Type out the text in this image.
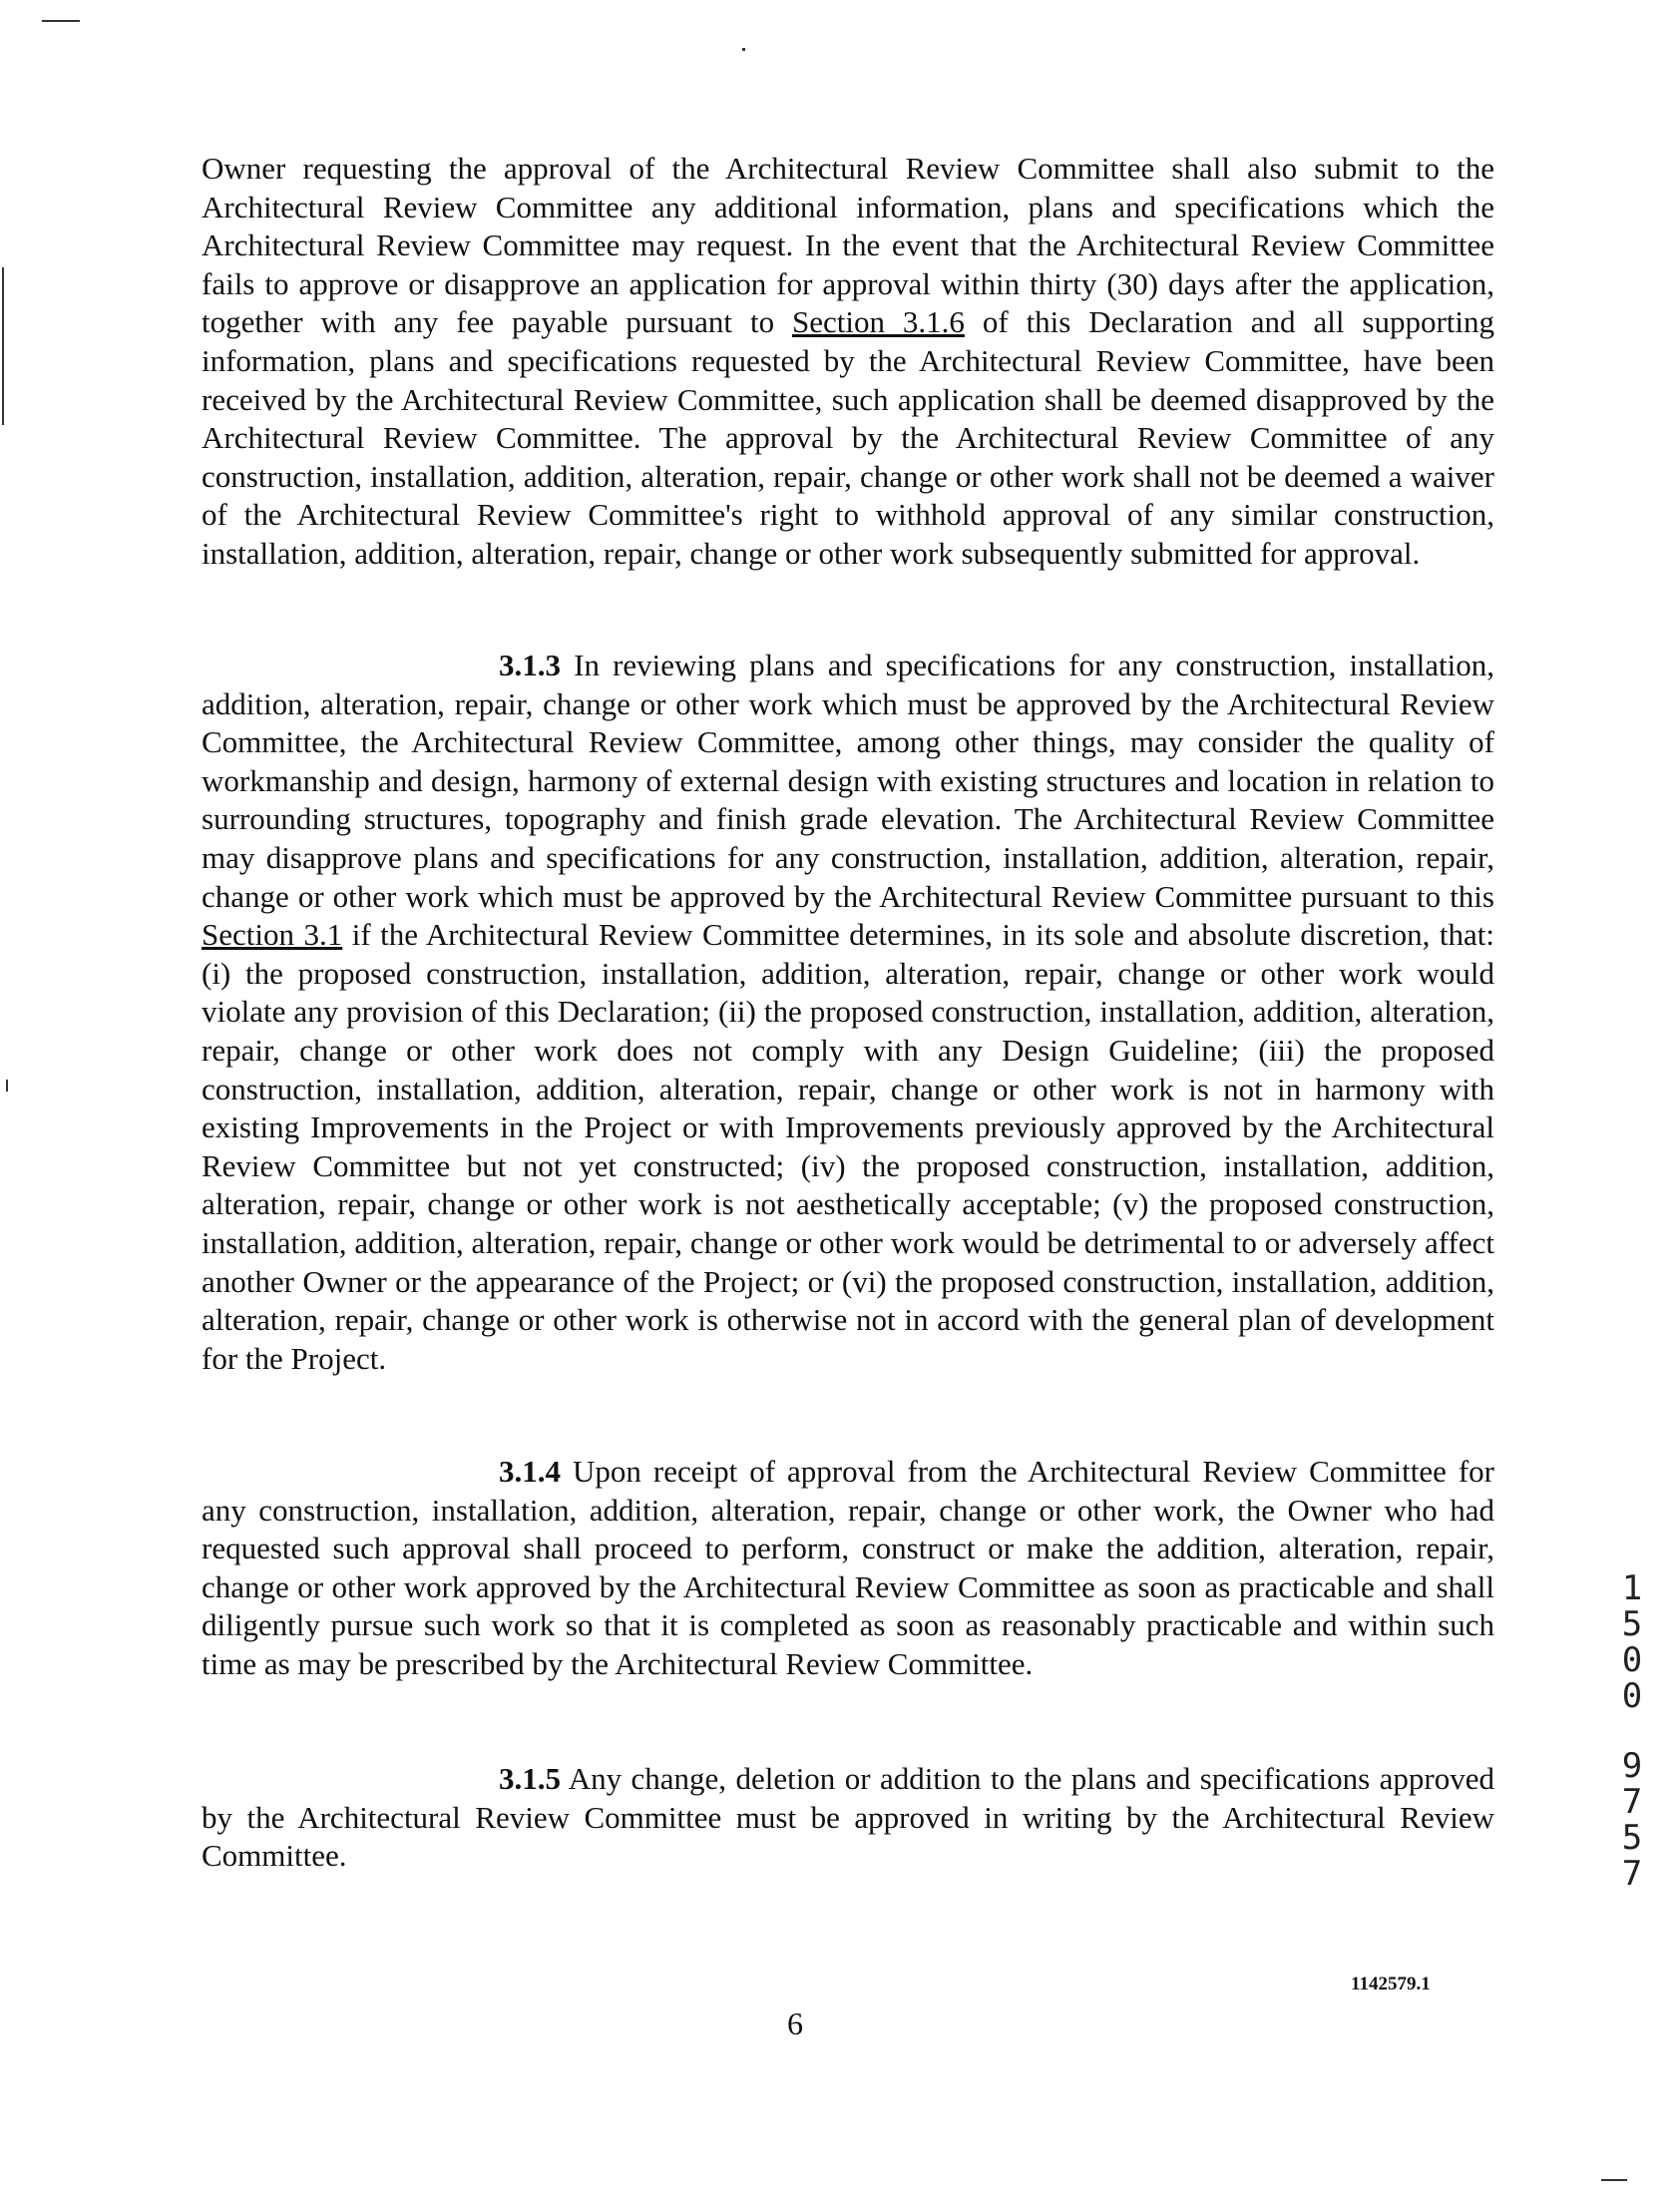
Owner requesting the approval of the Architectural Review Committee shall also submit to the Architectural Review Committee any additional information, plans and specifications which the Architectural Review Committee may request. In the event that the Architectural Review Committee fails to approve or disapprove an application for approval within thirty (30) days after the application, together with any fee payable pursuant to Section 3.1.6 of this Declaration and all supporting information, plans and specifications requested by the Architectural Review Committee, have been received by the Architectural Review Committee, such application shall be deemed disapproved by the Architectural Review Committee. The approval by the Architectural Review Committee of any construction, installation, addition, alteration, repair, change or other work shall not be deemed a waiver of the Architectural Review Committee's right to withhold approval of any similar construction, installation, addition, alteration, repair, change or other work subsequently submitted for approval.
3.1.3 In reviewing plans and specifications for any construction, installation, addition, alteration, repair, change or other work which must be approved by the Architectural Review Committee, the Architectural Review Committee, among other things, may consider the quality of workmanship and design, harmony of external design with existing structures and location in relation to surrounding structures, topography and finish grade elevation. The Architectural Review Committee may disapprove plans and specifications for any construction, installation, addition, alteration, repair, change or other work which must be approved by the Architectural Review Committee pursuant to this Section 3.1 if the Architectural Review Committee determines, in its sole and absolute discretion, that: (i) the proposed construction, installation, addition, alteration, repair, change or other work would violate any provision of this Declaration; (ii) the proposed construction, installation, addition, alteration, repair, change or other work does not comply with any Design Guideline; (iii) the proposed construction, installation, addition, alteration, repair, change or other work is not in harmony with existing Improvements in the Project or with Improvements previously approved by the Architectural Review Committee but not yet constructed; (iv) the proposed construction, installation, addition, alteration, repair, change or other work is not aesthetically acceptable; (v) the proposed construction, installation, addition, alteration, repair, change or other work would be detrimental to or adversely affect another Owner or the appearance of the Project; or (vi) the proposed construction, installation, addition, alteration, repair, change or other work is otherwise not in accord with the general plan of development for the Project.
3.1.4 Upon receipt of approval from the Architectural Review Committee for any construction, installation, addition, alteration, repair, change or other work, the Owner who had requested such approval shall proceed to perform, construct or make the addition, alteration, repair, change or other work approved by the Architectural Review Committee as soon as practicable and shall diligently pursue such work so that it is completed as soon as reasonably practicable and within such time as may be prescribed by the Architectural Review Committee.
3.1.5 Any change, deletion or addition to the plans and specifications approved by the Architectural Review Committee must be approved in writing by the Architectural Review Committee.
1
5
0
0
9
7
5
7
1142579.1
6
